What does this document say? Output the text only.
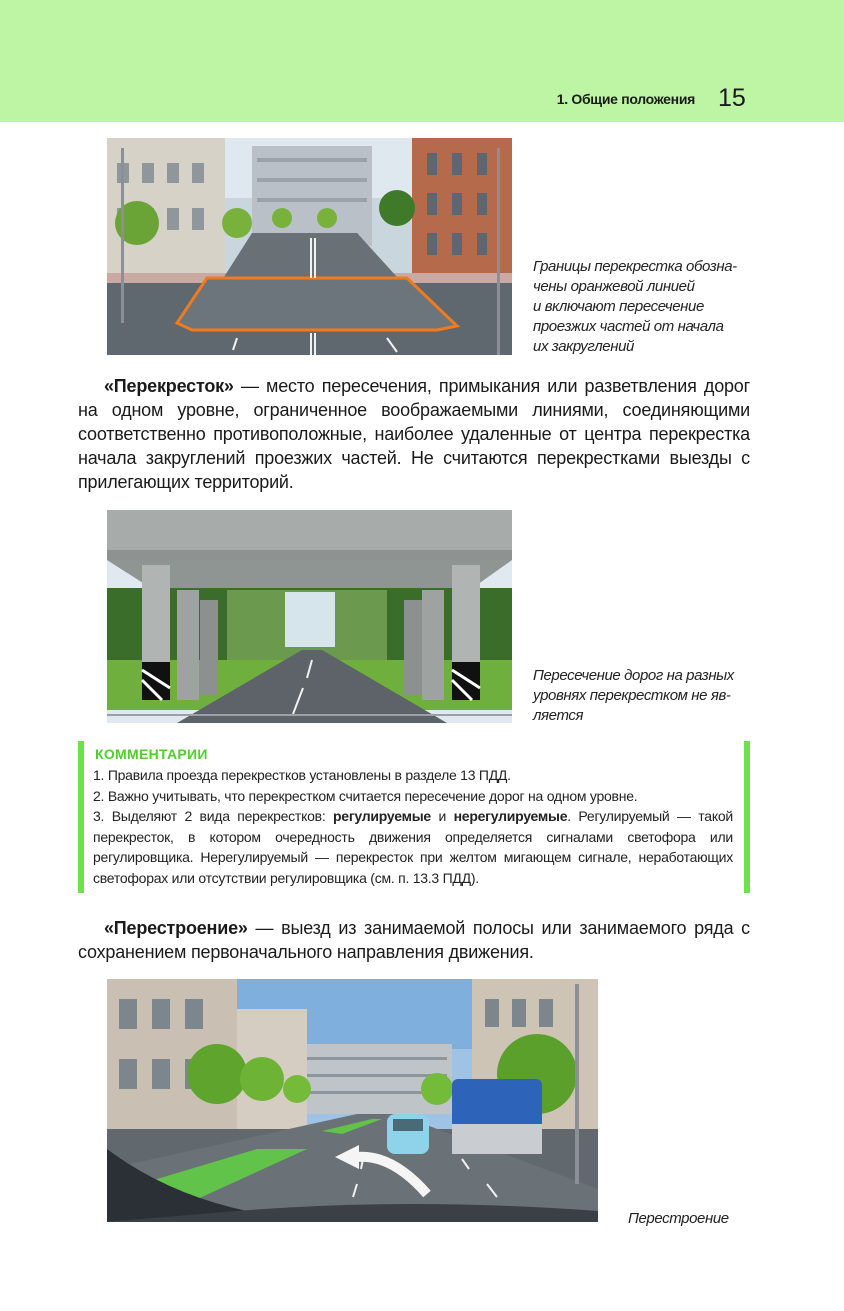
1. Общие положения 15
Границы перекрестка обозна-
чены оранжевой линией
и включают пересечение
проезжих частей от начала
их закруглений

«Перекресток» — место пересечения, примыкания или разветвления дорог на одном уровне, ограниченное воображаемыми линиями, соединяющими соответственно противоположные, наиболее удаленные от центра перекрестка начала закруглений проезжих частей. Не считаются перекрестками выезды с прилегающих территорий.

Пересечение дорог на разных
уровнях перекрестком не яв-
ляется
КОММЕНТАРИИ

1. Правила проезда перекрестков установлены в разделе 13 ПДД.

2. Важно учитывать, что перекрестком считается пересечение дорог на одном уровне.

3. Выделяют 2 вида перекрестков: регулируемые и нерегулируемые. Регулируемый — такой перекресток, в котором очередность движения определяется сигналами светофора или регулировщика. Нерегулируемый — перекресток при желтом мигающем сигнале, неработающих светофорах или отсутствии регулировщика (см. п. 13.3 ПДД).

«Перестроение» — выезд из занимаемой полосы или занимаемого ряда с сохранением первоначального направления движения.

Перестроение
